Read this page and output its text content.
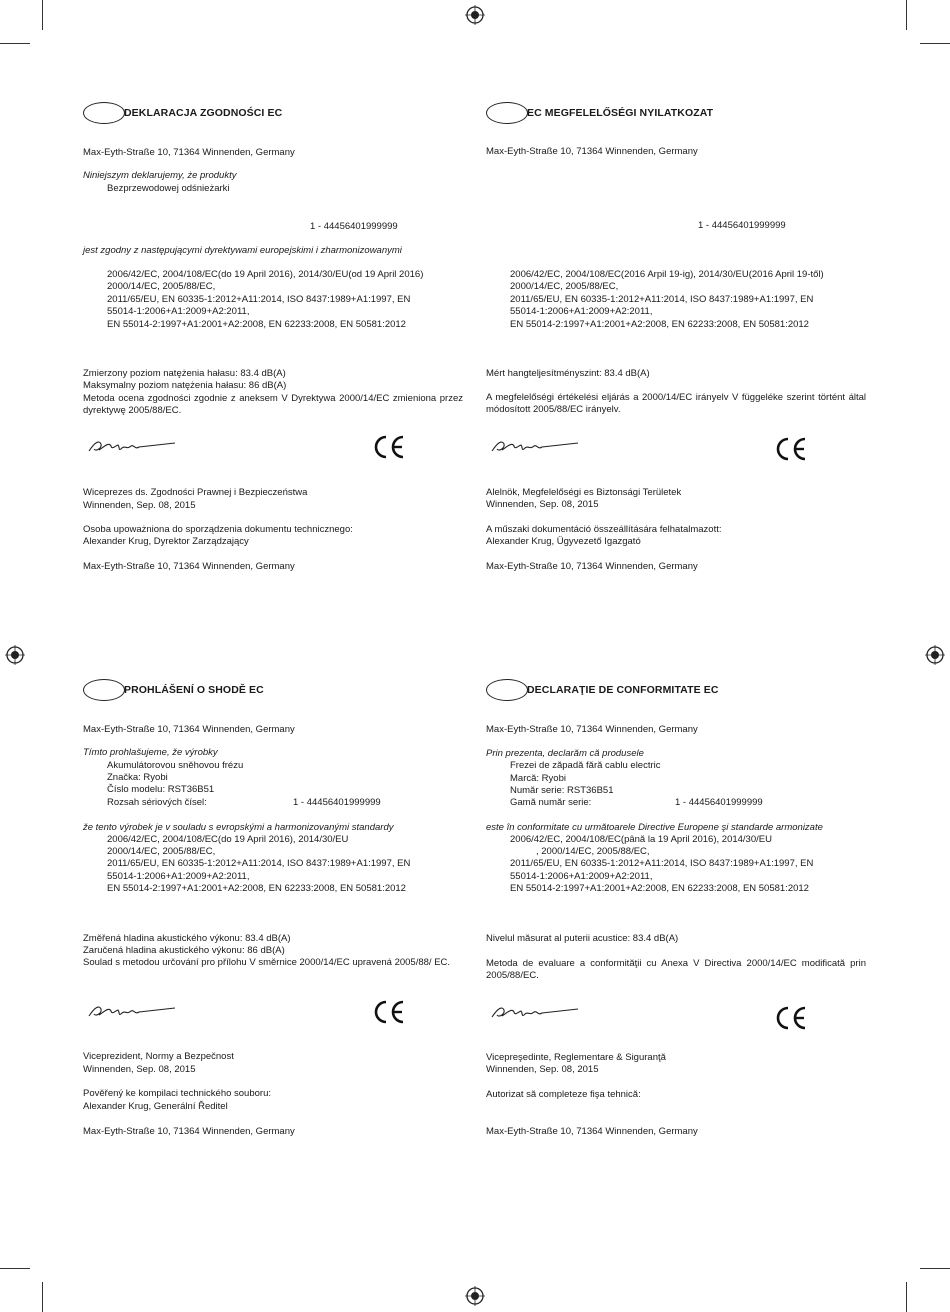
DEKLARACJA ZGODNOŚCI EC
Max-Eyth-Straße 10, 71364 Winnenden, Germany
Niniejszym deklarujemy, że produkty
Bezprzewodowej odśnieżarki
1 - 44456401999999
jest zgodny z następującymi dyrektywami europejskimi i zharmonizowanymi
2006/42/EC, 2004/108/EC(do 19 April 2016), 2014/30/EU(od 19 April 2016)
2000/14/EC, 2005/88/EC,
2011/65/EU, EN 60335-1:2012+A11:2014, ISO 8437:1989+A1:1997, EN
55014-1:2006+A1:2009+A2:2011,
EN 55014-2:1997+A1:2001+A2:2008, EN 62233:2008, EN 50581:2012
Zmierzony poziom natężenia hałasu: 83.4 dB(A)
Maksymalny poziom natężenia hałasu: 86 dB(A)
Metoda ocena zgodności zgodnie z aneksem V Dyrektywa 2000/14/EC zmieniona przez dyrektywę 2005/88/EC.
Wiceprezes ds. Zgodności Prawnej i Bezpieczeństwa
Winnenden, Sep. 08, 2015
Osoba upoważniona do sporządzenia dokumentu technicznego:
Alexander Krug, Dyrektor Zarządzający
Max-Eyth-Straße 10, 71364 Winnenden, Germany
EC MEGFELELŐSÉGI NYILATKOZAT
Max-Eyth-Straße 10, 71364 Winnenden, Germany
1 - 44456401999999
2006/42/EC, 2004/108/EC(2016 Arpil 19-ig), 2014/30/EU(2016 April 19-től)
2000/14/EC, 2005/88/EC,
2011/65/EU, EN 60335-1:2012+A11:2014, ISO 8437:1989+A1:1997, EN
55014-1:2006+A1:2009+A2:2011,
EN 55014-2:1997+A1:2001+A2:2008, EN 62233:2008, EN 50581:2012
Mért hangteljesítményszint: 83.4 dB(A)
A megfelelőségi értékelési eljárás a 2000/14/EC irányelv V függeléke szerint történt által módosított 2005/88/EC irányelv.
Alelnök, Megfelelőségi es Biztonsági Területek
Winnenden, Sep. 08, 2015
A műszaki dokumentáció összeállítására felhatalmazott:
Alexander Krug, Ügyvezető Igazgató
Max-Eyth-Straße 10, 71364 Winnenden, Germany
PROHLÁŠENÍ O SHODĚ EC
Max-Eyth-Straße 10, 71364 Winnenden, Germany
Tímto prohlašujeme, že výrobky
Akumulátorovou sněhovou frézu
Značka: Ryobi
Číslo modelu: RST36B51
Rozsah sériových čísel:	1 - 44456401999999
že tento výrobek je v souladu s evropskými a harmonizovanými standardy
2006/42/EC, 2004/108/EC(do 19 April 2016), 2014/30/EU
2000/14/EC, 2005/88/EC,
2011/65/EU, EN 60335-1:2012+A11:2014, ISO 8437:1989+A1:1997, EN
55014-1:2006+A1:2009+A2:2011,
EN 55014-2:1997+A1:2001+A2:2008, EN 62233:2008, EN 50581:2012
Změřená hladina akustického výkonu: 83.4 dB(A)
Zaručená hladina akustického výkonu: 86 dB(A)
Soulad s metodou určování pro přílohu V směrnice 2000/14/EC upravená 2005/88/ EC.
Viceprezident, Normy a Bezpečnost
Winnenden, Sep. 08, 2015
Pověřený ke kompilaci technického souboru:
Alexander Krug, Generální Ředitel
Max-Eyth-Straße 10, 71364 Winnenden, Germany
DECLARAŢIE DE CONFORMITATE EC
Max-Eyth-Straße 10, 71364 Winnenden, Germany
Prin prezenta, declarăm că produsele
Frezei de zăpadă fără cablu electric
Marcă: Ryobi
Număr serie: RST36B51
Gamă număr serie:	1 - 44456401999999
este în conformitate cu următoarele Directive Europene şi standarde armonizate
2006/42/EC, 2004/108/EC(până la 19 April 2016), 2014/30/EU
, 2000/14/EC, 2005/88/EC,
2011/65/EU, EN 60335-1:2012+A11:2014, ISO 8437:1989+A1:1997, EN
55014-1:2006+A1:2009+A2:2011,
EN 55014-2:1997+A1:2001+A2:2008, EN 62233:2008, EN 50581:2012
Nivelul măsurat al puterii acustice: 83.4 dB(A)
Metoda de evaluare a conformităţii cu Anexa V Directiva 2000/14/EC modificată prin 2005/88/EC.
Vicepreşedinte, Reglementare & Siguranţă
Winnenden, Sep. 08, 2015
Autorizat să completeze fişa tehnică:
Max-Eyth-Straße 10, 71364 Winnenden, Germany
